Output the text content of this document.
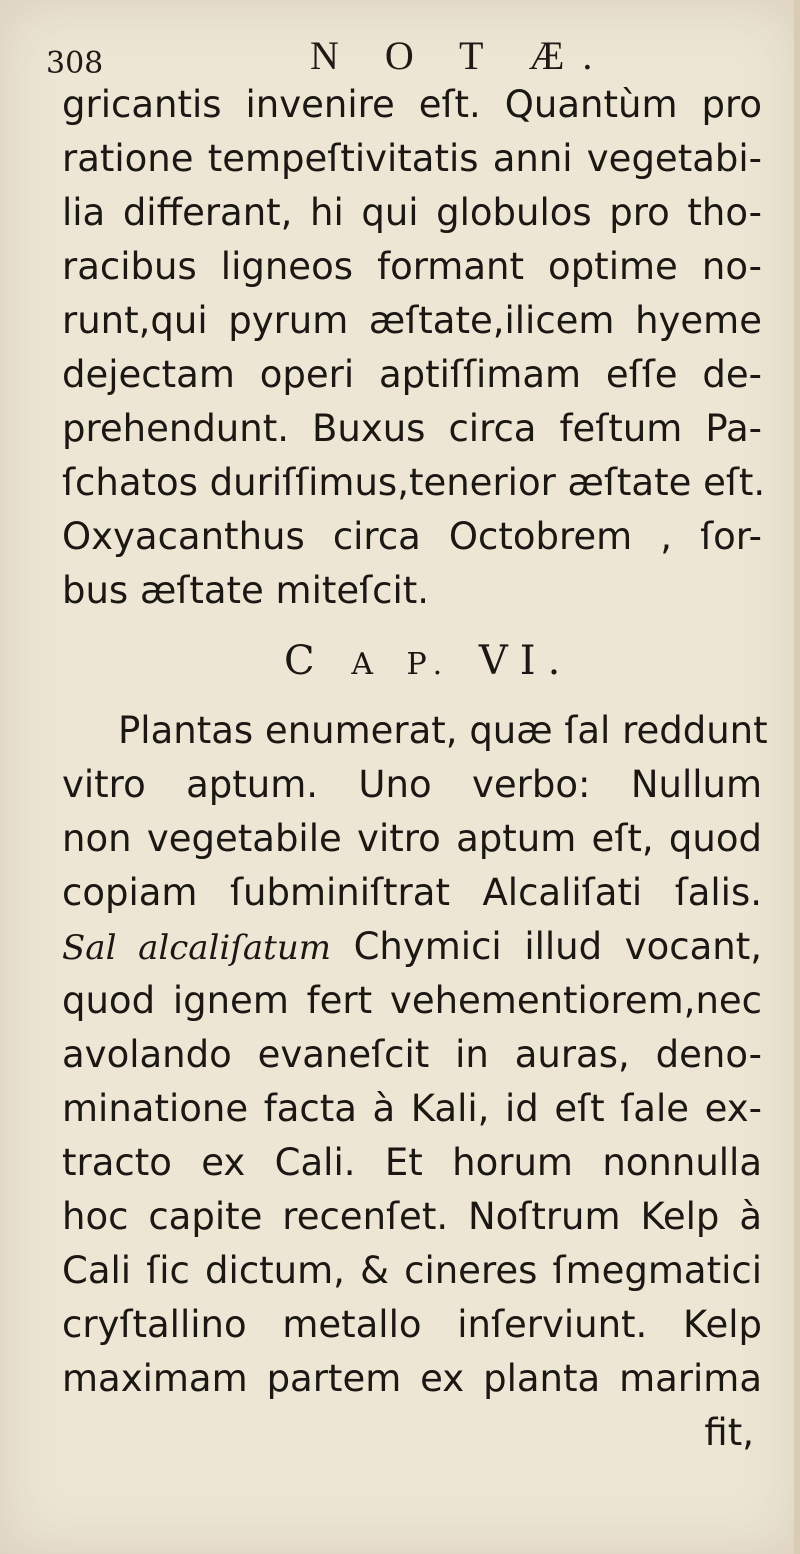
308	N O T Æ.
gricantis invenire eſt. Quantùm pro
ratione tempeſtivitatis anni vegetabi-
lia differant, hi qui globulos pro tho-
racibus ligneos formant optime no-
runt,qui pyrum æſtate,ilicem hyeme
dejectam operi aptiſſimam eſſe de-
prehendunt. Buxus circa feſtum Pa-
ſchatos duriſſimus,tenerior æſtate eſt.
Oxyacanthus circa Octobrem , ſor-
bus æſtate miteſcit.
C A P. VI.
Plantas enumerat, quæ ſal reddunt
vitro aptum. Uno verbo: Nullum
non vegetabile vitro aptum eſt, quod
copiam ſubminiſtrat Alcaliſati ſalis.
Sal alcaliſatum Chymici illud vocant,
quod ignem fert vehementiorem,nec
avolando evaneſcit in auras, deno-
minatione facta à Kali, id eſt ſale ex-
tracto ex Cali. Et horum nonnulla
hoc capite recenſet. Noſtrum Kelp à
Cali ſic dictum, & cineres ſmegmatici
cryſtallino metallo inſerviunt. Kelp
maximam partem ex planta marima
fit,
